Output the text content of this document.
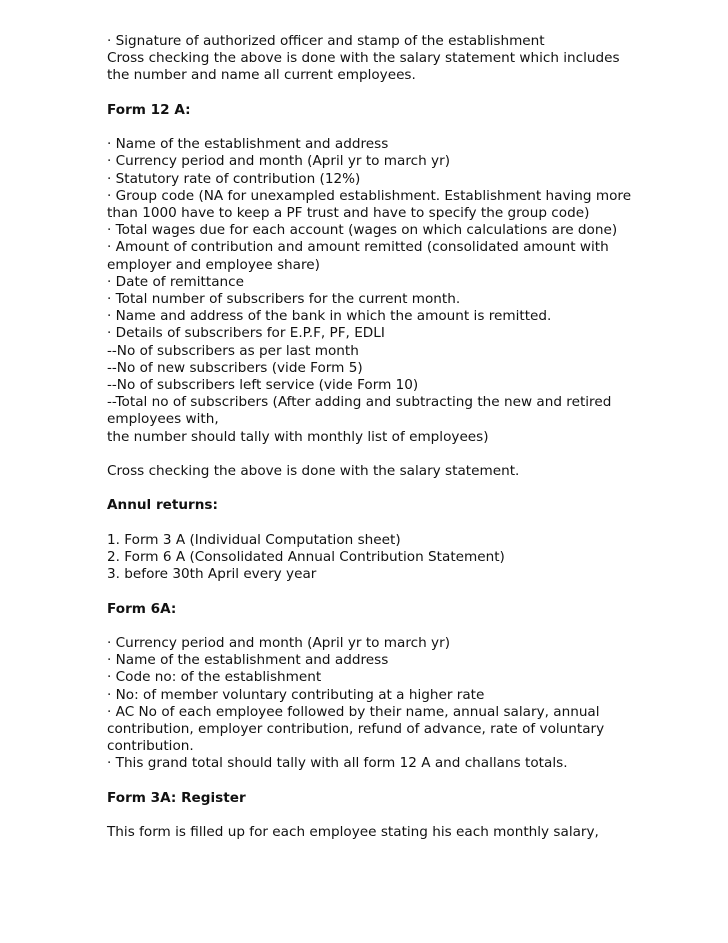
· Signature of authorized officer and stamp of the establishment
Cross checking the above is done with the salary statement which includes
the number and name all current employees.
Form 12 A:
· Name of the establishment and address
· Currency period and month (April yr to march yr)
· Statutory rate of contribution (12%)
· Group code (NA for unexampled establishment. Establishment having more
than 1000 have to keep a PF trust and have to specify the group code)
· Total wages due for each account (wages on which calculations are done)
· Amount of contribution and amount remitted (consolidated amount with
employer and employee share)
· Date of remittance
· Total number of subscribers for the current month.
· Name and address of the bank in which the amount is remitted.
· Details of subscribers for E.P.F, PF, EDLI
--No of subscribers as per last month
--No of new subscribers (vide Form 5)
--No of subscribers left service (vide Form 10)
--Total no of subscribers (After adding and subtracting the new and retired
employees with,
the number should tally with monthly list of employees)
Cross checking the above is done with the salary statement.
Annul returns:
1. Form 3 A (Individual Computation sheet)
2. Form 6 A (Consolidated Annual Contribution Statement)
3. before 30th April every year
Form 6A:
· Currency period and month (April yr to march yr)
· Name of the establishment and address
· Code no: of the establishment
· No: of member voluntary contributing at a higher rate
· AC No of each employee followed by their name, annual salary, annual
contribution, employer contribution, refund of advance, rate of voluntary
contribution.
· This grand total should tally with all form 12 A and challans totals.
Form 3A: Register
This form is filled up for each employee stating his each monthly salary,
